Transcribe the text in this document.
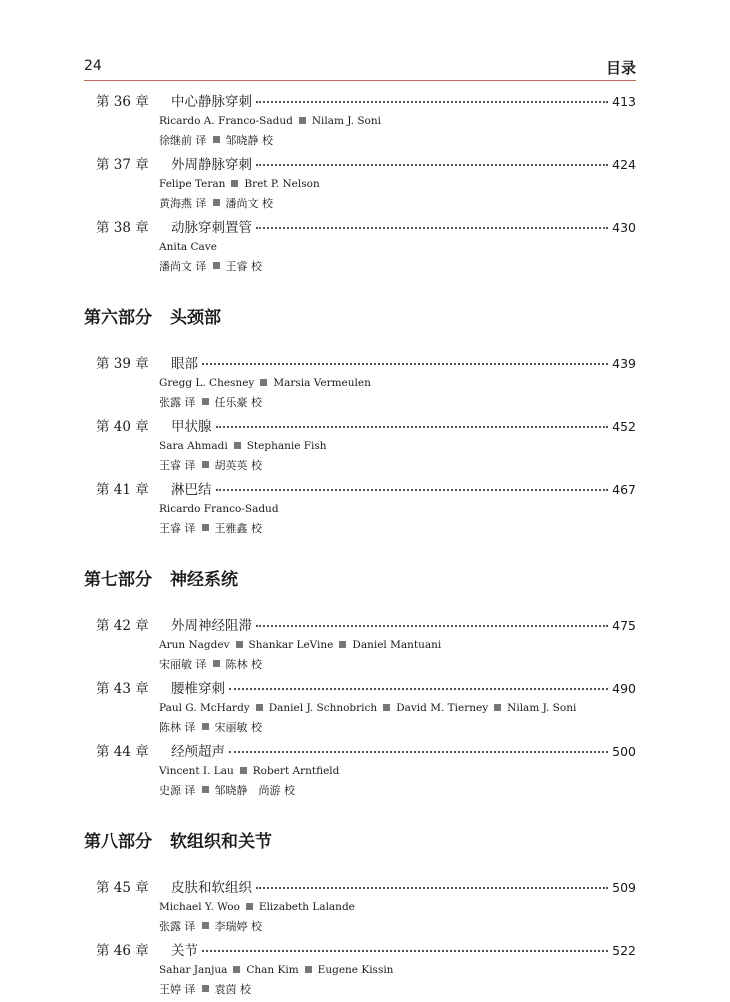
24	目录
第 36 章	中心静脉穿刺	413
Ricardo A. Franco-Sadud Nilam J. Soni
徐继前 译 邹晓静 校
第 37 章	外周静脉穿刺	424
Felipe Teran Bret P. Nelson
黄海燕 译 潘尚文 校
第 38 章	动脉穿刺置管	430
Anita Cave
潘尚文 译 王睿 校
第六部分 头颈部
第 39 章	眼部	439
Gregg L. Chesney Marsia Vermeulen
张露 译 任乐豪 校
第 40 章	甲状腺	452
Sara Ahmadi Stephanie Fish
王睿 译 胡英英 校
第 41 章	淋巴结	467
Ricardo Franco-Sadud
王睿 译 王雅鑫 校
第七部分 神经系统
第 42 章	外周神经阻滞	475
Arun Nagdev Shankar LeVine Daniel Mantuani
宋丽敏 译 陈林 校
第 43 章	腰椎穿刺	490
Paul G. McHardy Daniel J. Schnobrich David M. Tierney Nilam J. Soni
陈林 译 宋丽敏 校
第 44 章	经颅超声	500
Vincent I. Lau Robert Arntfield
史源 译 邹晓静　尚游 校
第八部分 软组织和关节
第 45 章	皮肤和软组织	509
Michael Y. Woo Elizabeth Lalande
张露 译 李瑞婷 校
第 46 章	关节	522
Sahar Janjua Chan Kim Eugene Kissin
王婷 译 袁茵 校
